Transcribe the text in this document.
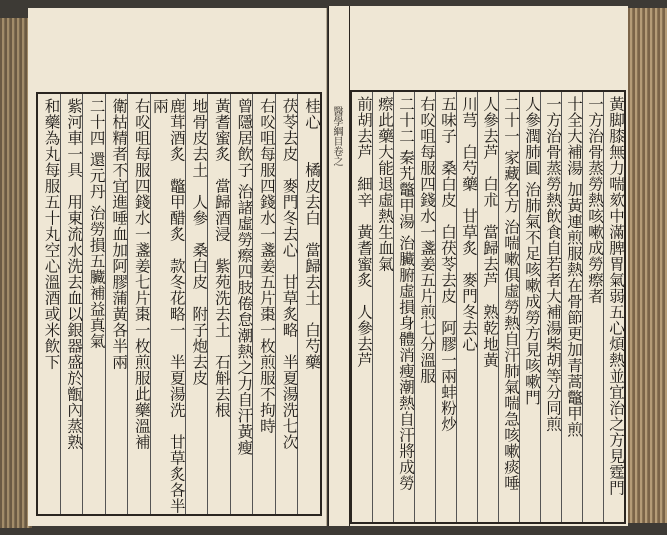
桂心　　橘皮去白　當歸去土　白芍藥
茯苓去皮　麥門冬去心　甘草炙略　半夏湯洗七次
右㕮咀每服四錢水一盞姜五片棗一枚煎服不拘時
曾隱居飲子 治諸虛勞瘵四肢倦怠潮熱之力自汗黃瘦
黃耆蜜炙　當歸酒浸　紫苑洗去土　石斛去根
地骨皮去土　人參　桑白皮　附子炮去皮
鹿茸酒炙　鼈甲醋炙　款冬花略一　半夏湯洗　甘草炙各半兩
右㕮咀每服四錢水一盞姜七片棗一枚煎服此藥溫補
衛枯精者不宜進唾血加阿膠蒲黃各半兩
二十四 還元丹 治勞損五臟補益真氣
紫河車一具　用東流水洗去血以銀器盛於甑內蒸熟
和藥為丸每服五十丸空心溫酒或米飲下	醫學綱目卷之	黃脚膝無力喘欬中滿脾胃氣弱五心煩熱並宜治之方見霆門
一方治骨蒸勞熱咳嗽成勞瘵者
十全大補湯 加黃連煎服熱在骨節更加青蒿鼈甲煎
一方治骨蒸勞熱飲食自若者大補湯柴胡等分同煎
人參潤肺圓 治肺氣不足咳嗽成勞方見咳嗽門
二十一 家藏名方 治喘嗽俱虛勞熱自汗肺氣喘急咳嗽痰唾
人參去芦　白朮　當歸去芦　熟乾地黃
川芎　白芍藥　甘草炙　麥門冬去心
五味子　桑白皮　白茯苓去皮　阿膠一兩蚌粉炒
右㕮咀每服四錢水一盞姜五片煎七分溫服
二十二 秦艽鼈甲湯 治臟腑虛損身體消瘦潮熱自汗將成勞
瘵此藥大能退虛熱生血氣
前胡去芦　細辛　黃耆蜜炙　人參去芦
